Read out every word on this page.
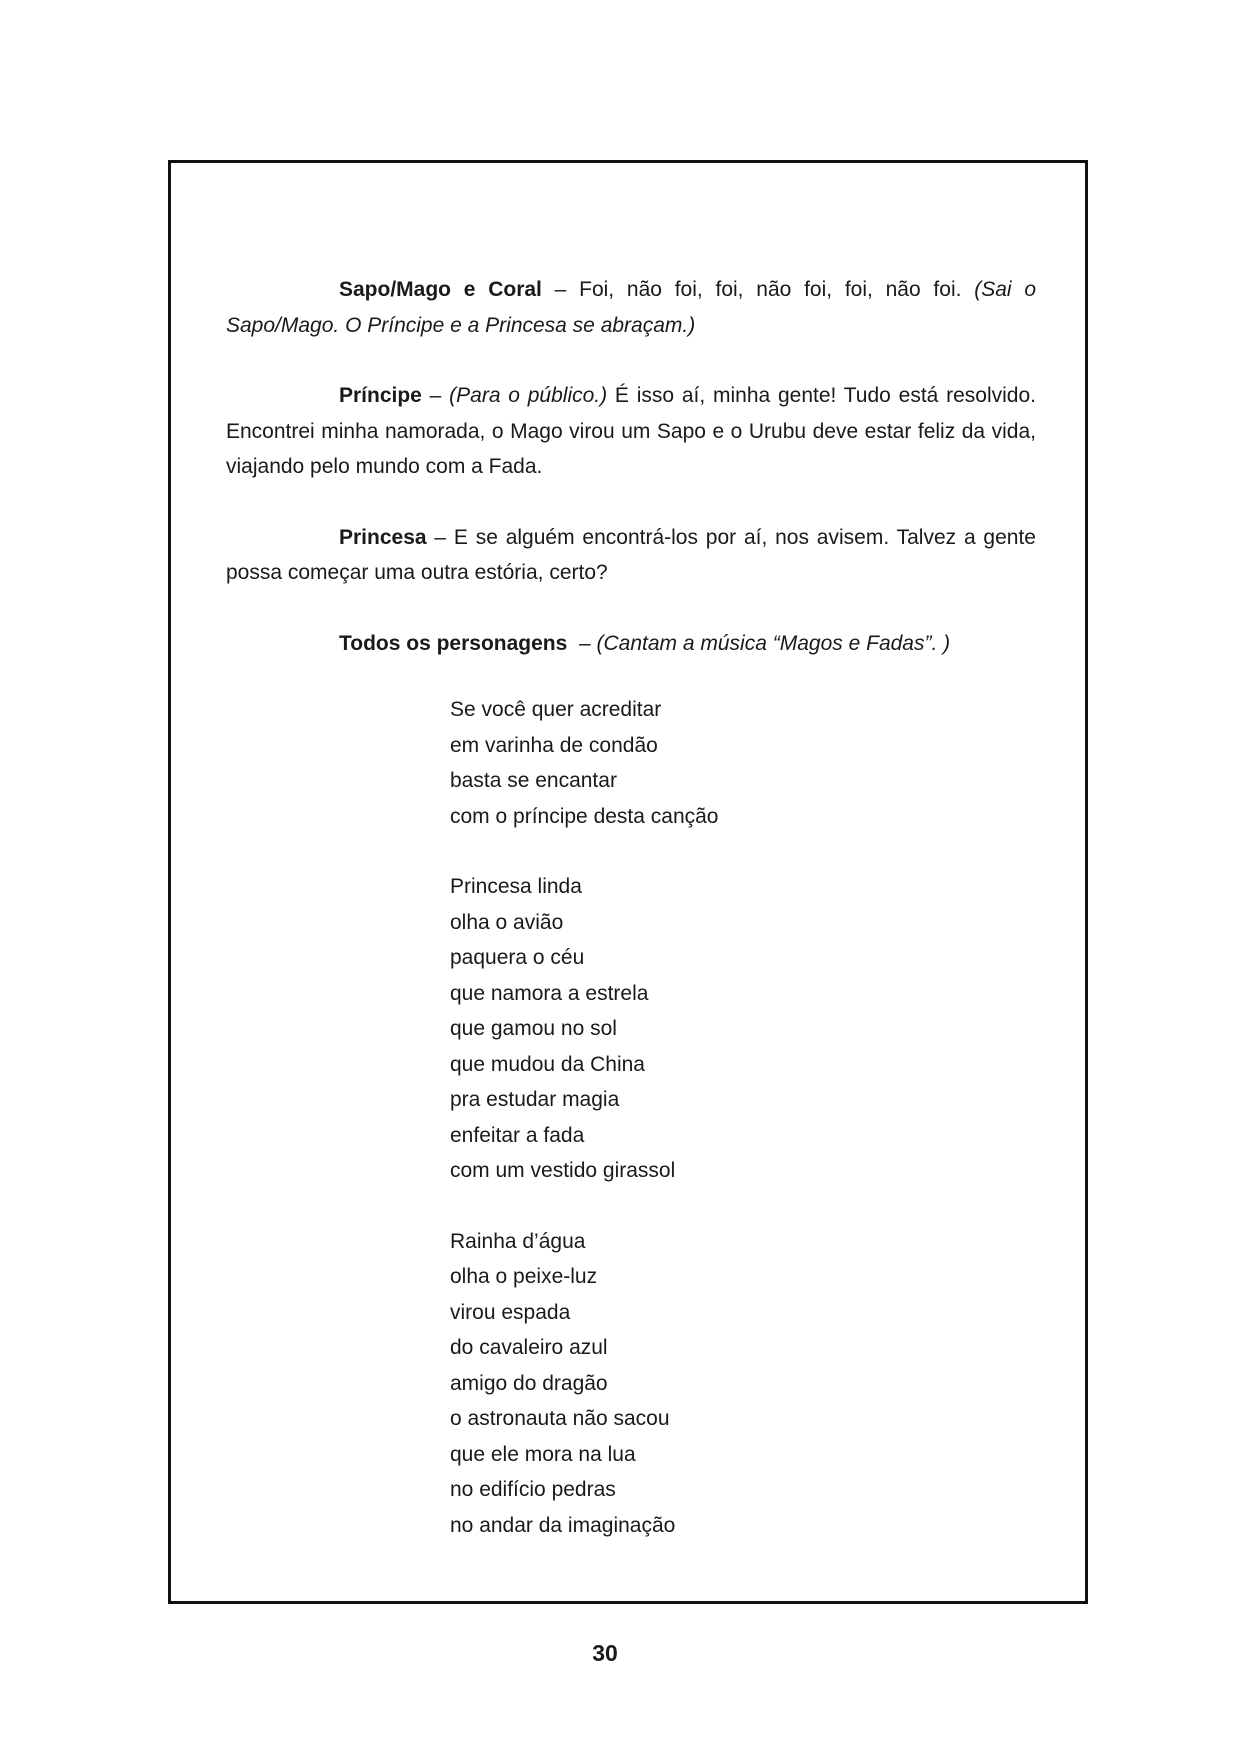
Sapo/Mago e Coral – Foi, não foi, foi, não foi, foi, não foi. (Sai o Sapo/Mago. O Príncipe e a Princesa se abraçam.)

Príncipe – (Para o público.) É isso aí, minha gente! Tudo está resolvido. Encontrei minha namorada, o Mago virou um Sapo e o Urubu deve estar feliz da vida, viajando pelo mundo com a Fada.

Princesa – E se alguém encontrá-los por aí, nos avisem. Talvez a gente possa começar uma outra estória, certo?

Todos os personagens  – (Cantam a música “Magos e Fadas”. )

Se você quer acreditar
em varinha de condão
basta se encantar
com o príncipe desta canção
Princesa linda
olha o avião
paquera o céu
que namora a estrela
que gamou no sol
que mudou da China
pra estudar magia
enfeitar a fada
com um vestido girassol
Rainha d’água
olha o peixe-luz
virou espada
do cavaleiro azul
amigo do dragão
o astronauta não sacou
que ele mora na lua
no edifício pedras
no andar da imaginação
30
